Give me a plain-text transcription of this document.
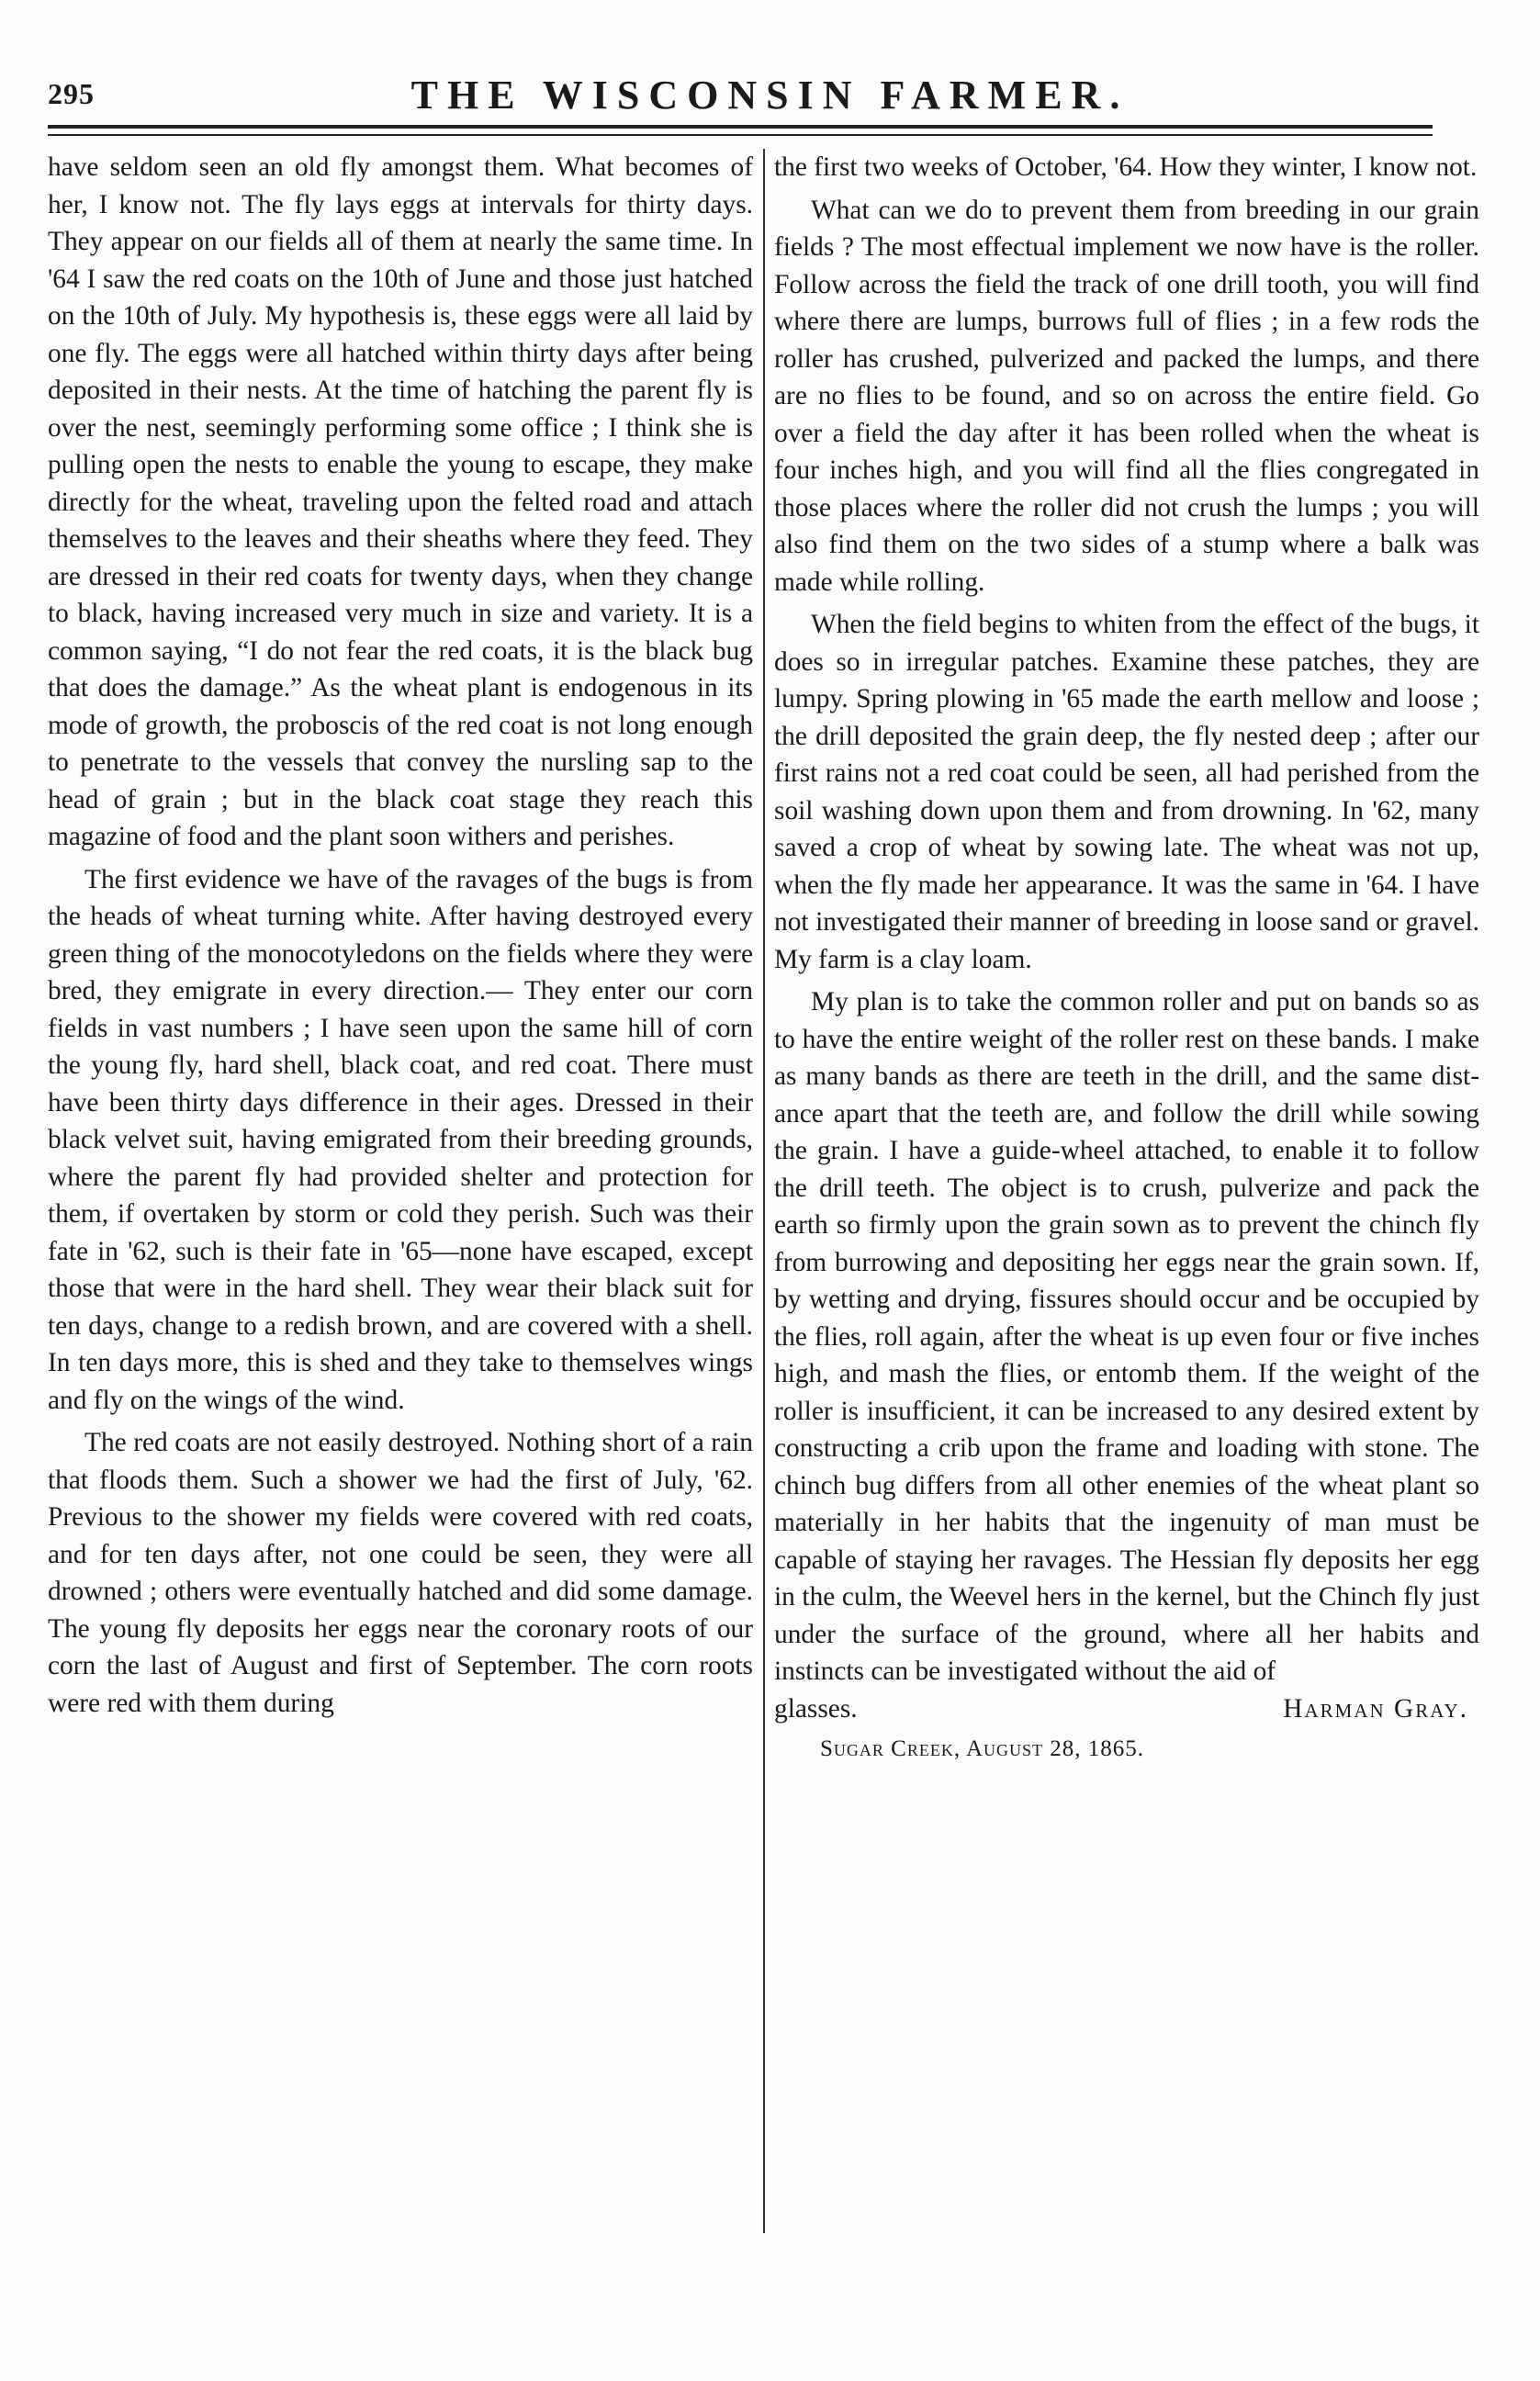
295	THE WISCONSIN FARMER.

have seldom seen an old fly amongst them. What becomes of her, I know not. The fly lays eggs at intervals for thirty days. They appear on our fields all of them at nearly the same time. In '64 I saw the red coats on the 10th of June and those just hatched on the 10th of July. My hypothesis is, these eggs were all laid by one fly. The eggs were all hatched within thirty days after being deposited in their nests. At the time of hatching the parent fly is over the nest, seemingly performing some office ; I think she is pulling open the nests to enable the young to escape, they make directly for the wheat, traveling upon the felted road and attach themselves to the leaves and their sheaths where they feed. They are dressed in their red coats for twenty days, when they change to black, having increased very much in size and variety. It is a common saying, “I do not fear the red coats, it is the black bug that does the damage.” As the wheat plant is endogenous in its mode of growth, the proboscis of the red coat is not long enough to penetrate to the vessels that convey the nursling sap to the head of grain ; but in the black coat stage they reach this magazine of food and the plant soon withers and perishes.

The first evidence we have of the ravages of the bugs is from the heads of wheat turning white. After having destroyed every green thing of the monocotyledons on the fields where they were bred, they emigrate in every direction.— They enter our corn fields in vast numbers ; I have seen upon the same hill of corn the young fly, hard shell, black coat, and red coat. There must have been thirty days difference in their ages. Dressed in their black velvet suit, having emigrated from their breeding grounds, where the parent fly had provided shelter and protection for them, if overtaken by storm or cold they perish. Such was their fate in '62, such is their fate in '65—none have escaped, except those that were in the hard shell. They wear their black suit for ten days, change to a redish brown, and are covered with a shell. In ten days more, this is shed and they take to themselves wings and fly on the wings of the wind.

The red coats are not easily destroyed. Nothing short of a rain that floods them. Such a shower we had the first of July, '62. Previous to the shower my fields were covered with red coats, and for ten days after, not one could be seen, they were all drowned ; others were eventually hatched and did some damage. The young fly deposits her eggs near the coronary roots of our corn the last of August and first of September. The corn roots were red with them during

the first two weeks of October, '64. How they winter, I know not.

What can we do to prevent them from breeding in our grain fields ? The most effectual implement we now have is the roller. Follow across the field the track of one drill tooth, you will find where there are lumps, burrows full of flies ; in a few rods the roller has crushed, pulverized and packed the lumps, and there are no flies to be found, and so on across the entire field. Go over a field the day after it has been rolled when the wheat is four inches high, and you will find all the flies congregated in those places where the roller did not crush the lumps ; you will also find them on the two sides of a stump where a balk was made while rolling.

When the field begins to whiten from the effect of the bugs, it does so in irregular patches. Examine these patches, they are lumpy. Spring plowing in '65 made the earth mellow and loose ; the drill deposited the grain deep, the fly nested deep ; after our first rains not a red coat could be seen, all had perished from the soil washing down upon them and from drowning. In '62, many saved a crop of wheat by sowing late. The wheat was not up, when the fly made her appearance. It was the same in '64. I have not investigated their manner of breeding in loose sand or gravel. My farm is a clay loam.

My plan is to take the common roller and put on bands so as to have the entire weight of the roller rest on these bands. I make as many bands as there are teeth in the drill, and the same distance apart that the teeth are, and follow the drill while sowing the grain. I have a guide-wheel attached, to enable it to follow the drill teeth. The object is to crush, pulverize and pack the earth so firmly upon the grain sown as to prevent the chinch fly from burrowing and depositing her eggs near the grain sown. If, by wetting and drying, fissures should occur and be occupied by the flies, roll again, after the wheat is up even four or five inches high, and mash the flies, or entomb them. If the weight of the roller is insufficient, it can be increased to any desired extent by constructing a crib upon the frame and loading with stone. The chinch bug differs from all other enemies of the wheat plant so materially in her habits that the ingenuity of man must be capable of staying her ravages. The Hessian fly deposits her egg in the culm, the Weevel hers in the kernel, but the Chinch fly just under the surface of the ground, where all her habits and instincts can be investigated without the aid of

glasses.	Harman Gray.
Sugar Creek, August 28, 1865.
